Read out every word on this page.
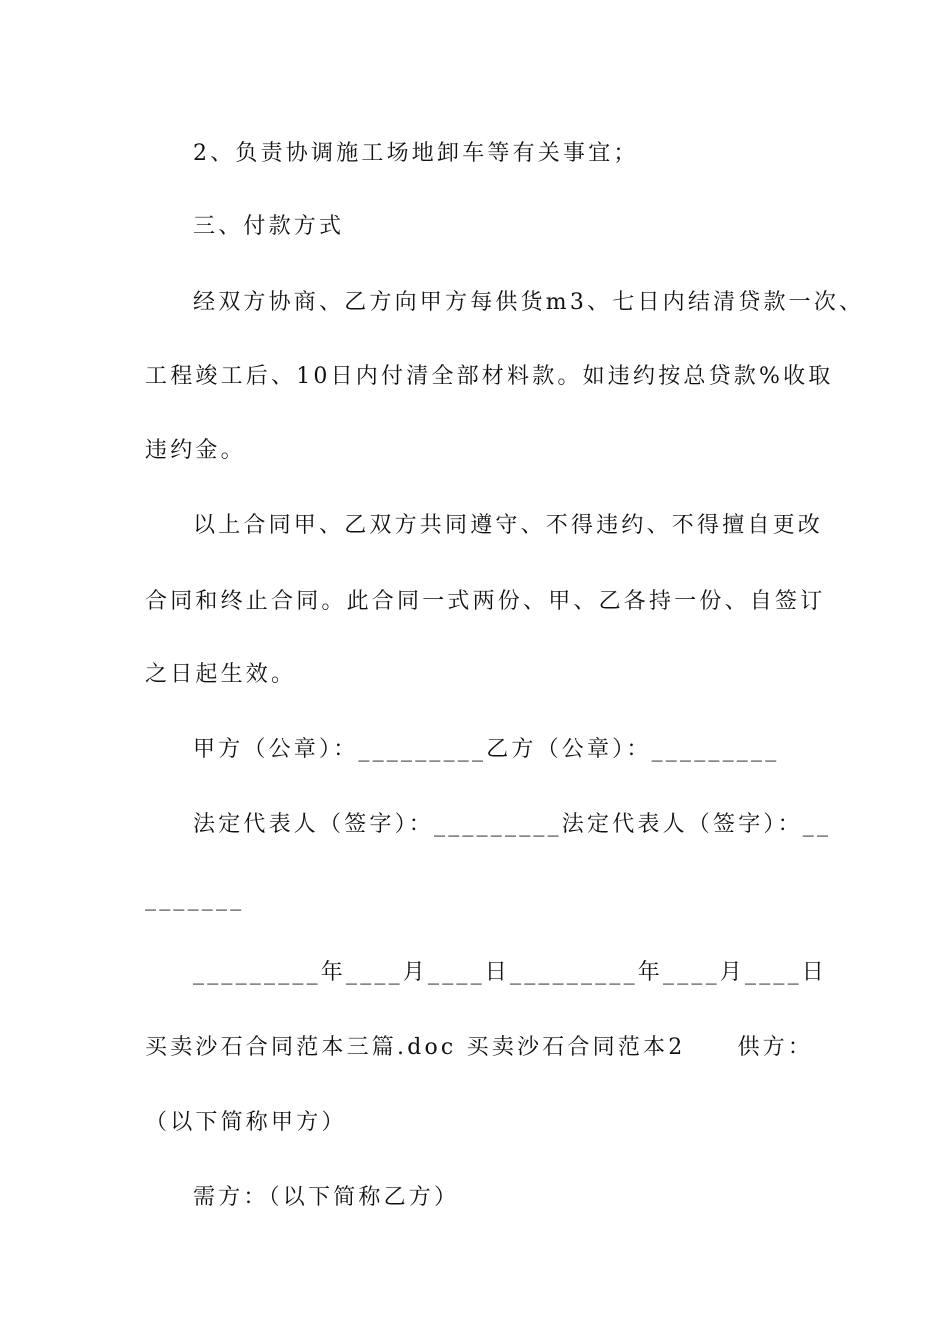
2、负责协调施工场地卸车等有关事宜；
三、付款方式
经双方协商、乙方向甲方每供货m3、七日内结清贷款一次、
工程竣工后、10日内付清全部材料款。如违约按总贷款%收取
违约金。
以上合同甲、乙双方共同遵守、不得违约、不得擅自更改
合同和终止合同。此合同一式两份、甲、乙各持一份、自签订
之日起生效。
甲方（公章）：_________乙方（公章）：_________
法定代表人（签字）：_________法定代表人（签字）：__
_______
_________年____月____日_________年____月____日
买卖沙石合同范本三篇.doc 买卖沙石合同范本2 供方：
（以下简称甲方）
需方：（以下简称乙方）
